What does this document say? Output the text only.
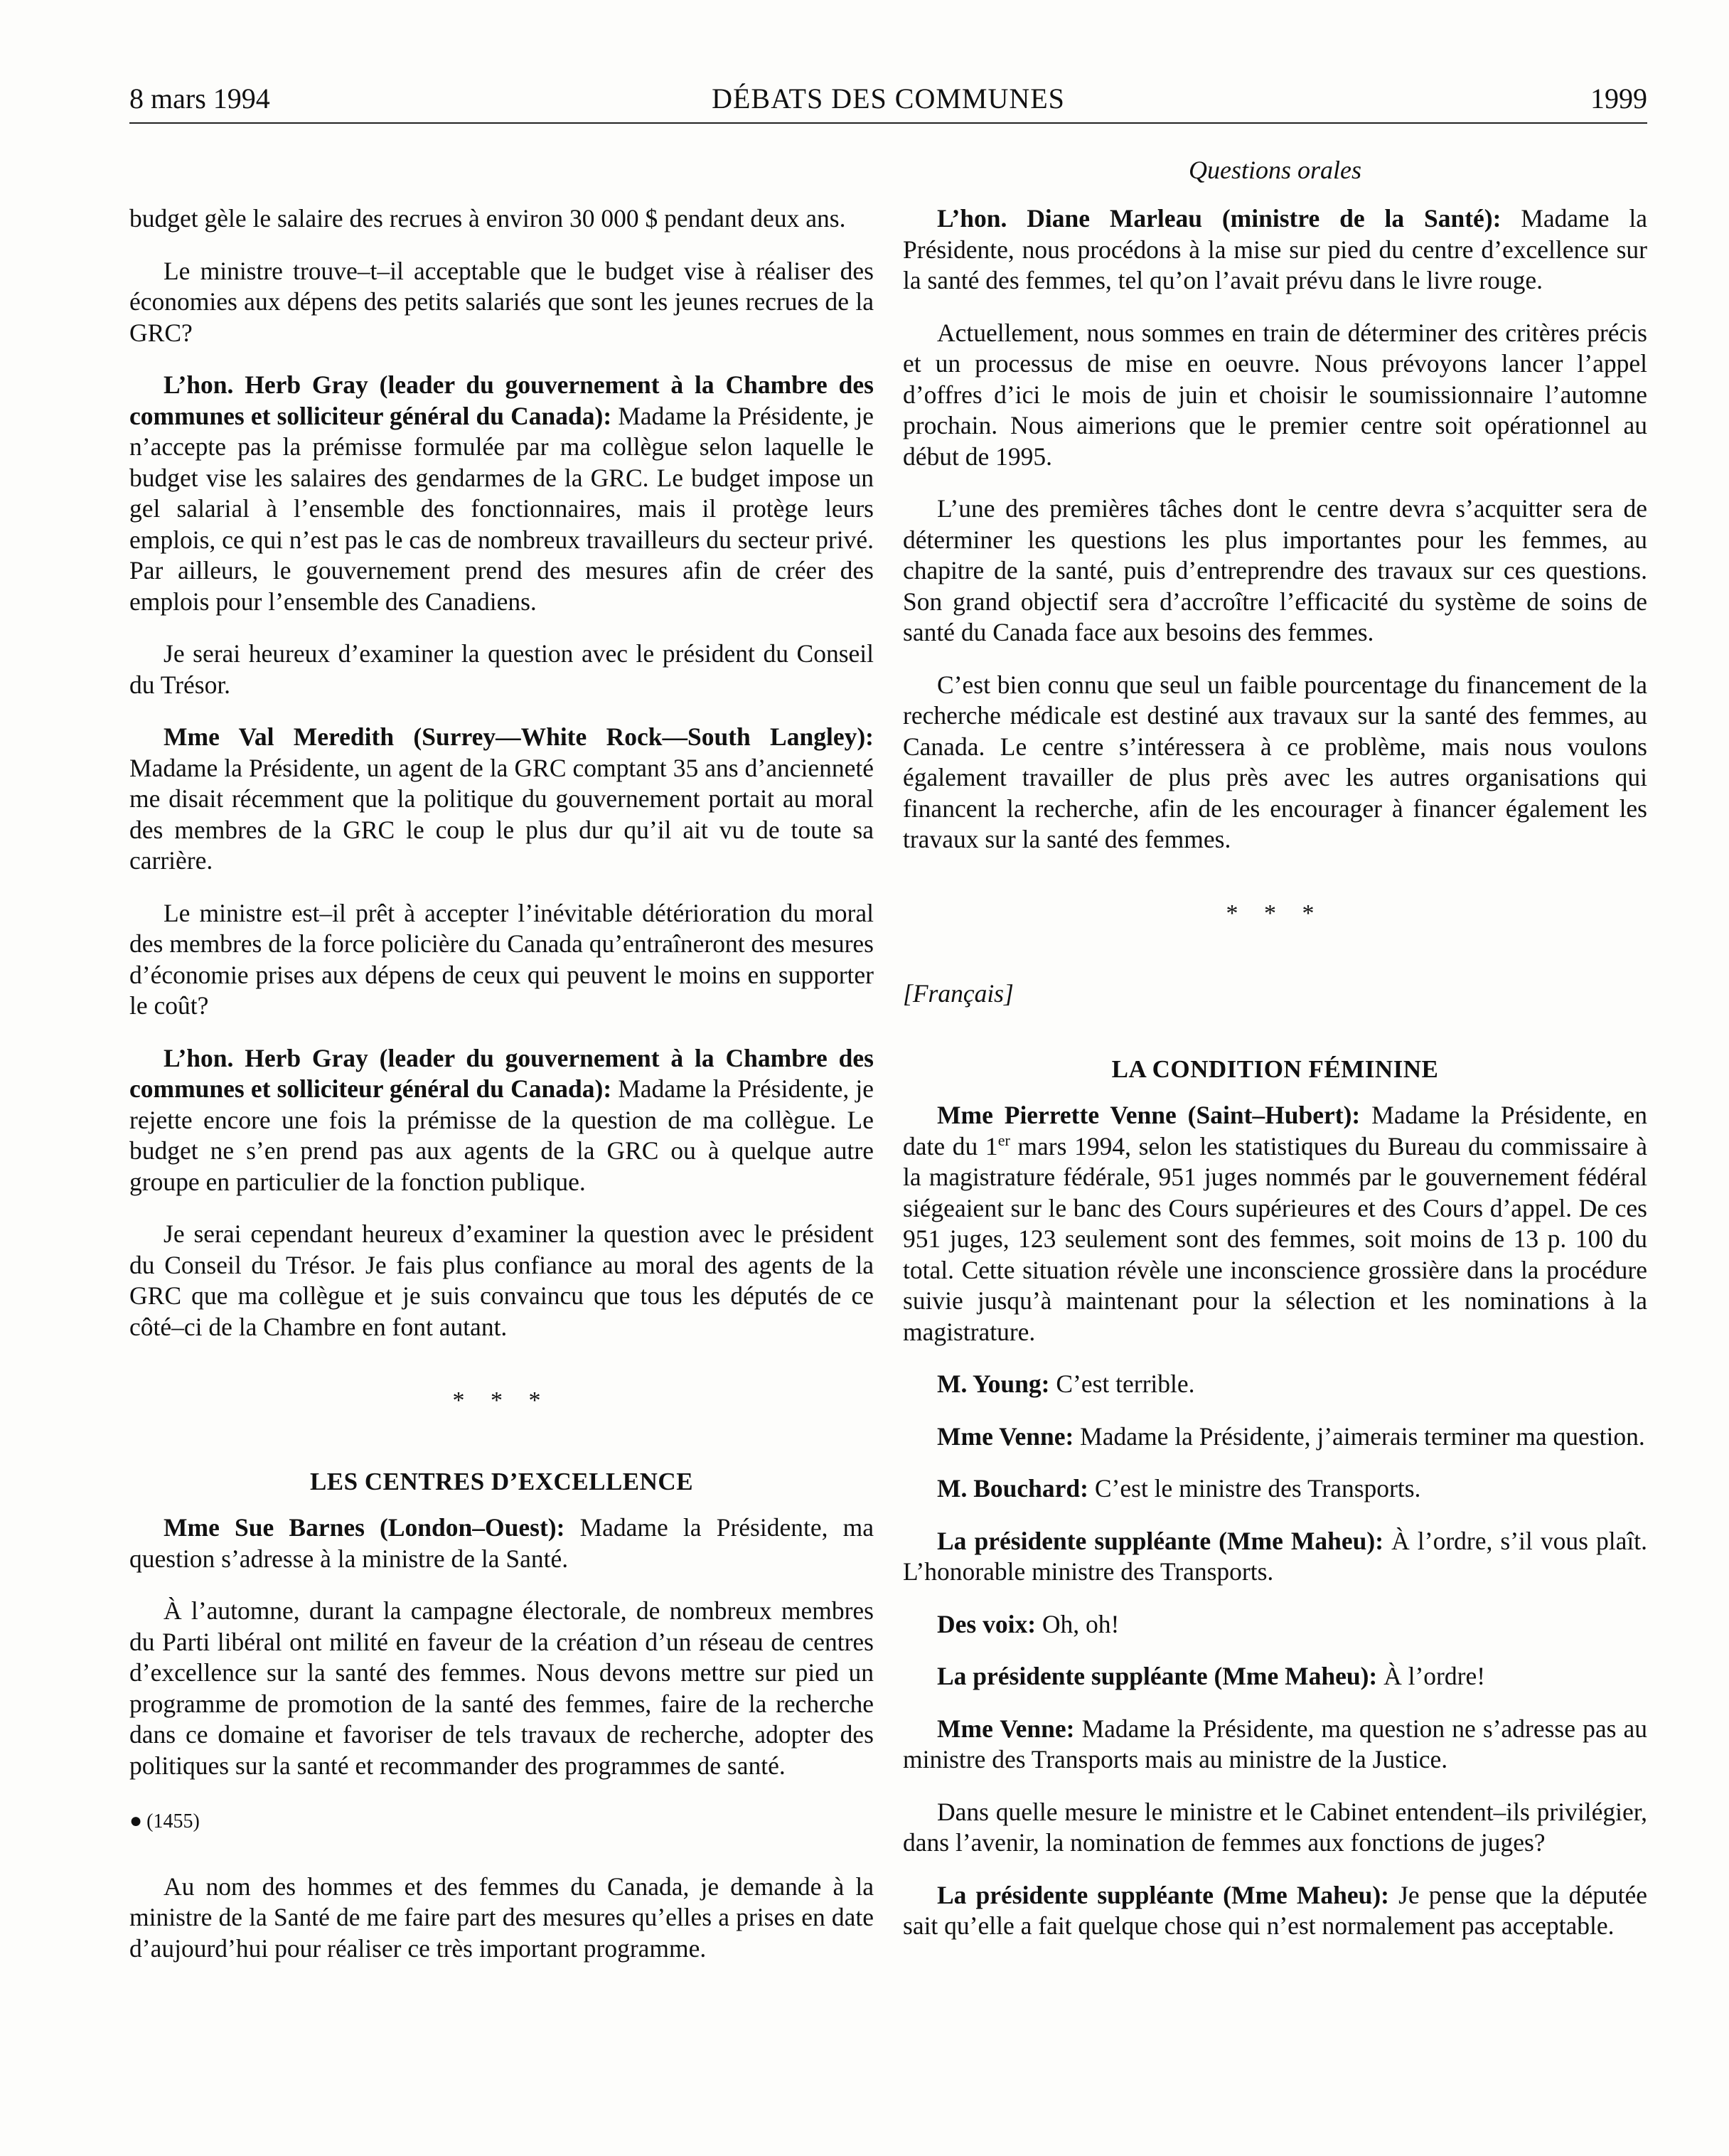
8 mars 1994	DÉBATS DES COMMUNES	1999
Questions orales

budget gèle le salaire des recrues à environ 30 000 $ pendant deux ans.

Le ministre trouve–t–il acceptable que le budget vise à réaliser des économies aux dépens des petits salariés que sont les jeunes recrues de la GRC?

L’hon. Herb Gray (leader du gouvernement à la Chambre des communes et solliciteur général du Canada): Madame la Présidente, je n’accepte pas la prémisse formulée par ma collègue selon laquelle le budget vise les salaires des gendarmes de la GRC. Le budget impose un gel salarial à l’ensemble des fonctionnaires, mais il protège leurs emplois, ce qui n’est pas le cas de nombreux travailleurs du secteur privé. Par ailleurs, le gouvernement prend des mesures afin de créer des emplois pour l’ensemble des Canadiens.

Je serai heureux d’examiner la question avec le président du Conseil du Trésor.

Mme Val Meredith (Surrey—White Rock—South Langley): Madame la Présidente, un agent de la GRC comptant 35 ans d’ancienneté me disait récemment que la politique du gouvernement portait au moral des membres de la GRC le coup le plus dur qu’il ait vu de toute sa carrière.

Le ministre est–il prêt à accepter l’inévitable détérioration du moral des membres de la force policière du Canada qu’entraîneront des mesures d’économie prises aux dépens de ceux qui peuvent le moins en supporter le coût?

L’hon. Herb Gray (leader du gouvernement à la Chambre des communes et solliciteur général du Canada): Madame la Présidente, je rejette encore une fois la prémisse de la question de ma collègue. Le budget ne s’en prend pas aux agents de la GRC ou à quelque autre groupe en particulier de la fonction publique.

Je serai cependant heureux d’examiner la question avec le président du Conseil du Trésor. Je fais plus confiance au moral des agents de la GRC que ma collègue et je suis convaincu que tous les députés de ce côté–ci de la Chambre en font autant.

* * *

LES CENTRES D’EXCELLENCE

Mme Sue Barnes (London–Ouest): Madame la Présidente, ma question s’adresse à la ministre de la Santé.

À l’automne, durant la campagne électorale, de nombreux membres du Parti libéral ont milité en faveur de la création d’un réseau de centres d’excellence sur la santé des femmes. Nous devons mettre sur pied un programme de promotion de la santé des femmes, faire de la recherche dans ce domaine et favoriser de tels travaux de recherche, adopter des politiques sur la santé et recommander des programmes de santé.

● (1455)

Au nom des hommes et des femmes du Canada, je demande à la ministre de la Santé de me faire part des mesures qu’elles a prises en date d’aujourd’hui pour réaliser ce très important programme.

L’hon. Diane Marleau (ministre de la Santé): Madame la Présidente, nous procédons à la mise sur pied du centre d’excellence sur la santé des femmes, tel qu’on l’avait prévu dans le livre rouge.

Actuellement, nous sommes en train de déterminer des critères précis et un processus de mise en oeuvre. Nous prévoyons lancer l’appel d’offres d’ici le mois de juin et choisir le soumissionnaire l’automne prochain. Nous aimerions que le premier centre soit opérationnel au début de 1995.

L’une des premières tâches dont le centre devra s’acquitter sera de déterminer les questions les plus importantes pour les femmes, au chapitre de la santé, puis d’entreprendre des travaux sur ces questions. Son grand objectif sera d’accroître l’efficacité du système de soins de santé du Canada face aux besoins des femmes.

C’est bien connu que seul un faible pourcentage du financement de la recherche médicale est destiné aux travaux sur la santé des femmes, au Canada. Le centre s’intéressera à ce problème, mais nous voulons également travailler de plus près avec les autres organisations qui financent la recherche, afin de les encourager à financer également les travaux sur la santé des femmes.

* * *

[Français]

LA CONDITION FÉMININE

Mme Pierrette Venne (Saint–Hubert): Madame la Présidente, en date du 1er mars 1994, selon les statistiques du Bureau du commissaire à la magistrature fédérale, 951 juges nommés par le gouvernement fédéral siégeaient sur le banc des Cours supérieures et des Cours d’appel. De ces 951 juges, 123 seulement sont des femmes, soit moins de 13 p. 100 du total. Cette situation révèle une inconscience grossière dans la procédure suivie jusqu’à maintenant pour la sélection et les nominations à la magistrature.

M. Young: C’est terrible.

Mme Venne: Madame la Présidente, j’aimerais terminer ma question.

M. Bouchard: C’est le ministre des Transports.

La présidente suppléante (Mme Maheu): À l’ordre, s’il vous plaît. L’honorable ministre des Transports.

Des voix: Oh, oh!

La présidente suppléante (Mme Maheu): À l’ordre!

Mme Venne: Madame la Présidente, ma question ne s’adresse pas au ministre des Transports mais au ministre de la Justice.

Dans quelle mesure le ministre et le Cabinet entendent–ils privilégier, dans l’avenir, la nomination de femmes aux fonctions de juges?

La présidente suppléante (Mme Maheu): Je pense que la députée sait qu’elle a fait quelque chose qui n’est normalement pas acceptable.
